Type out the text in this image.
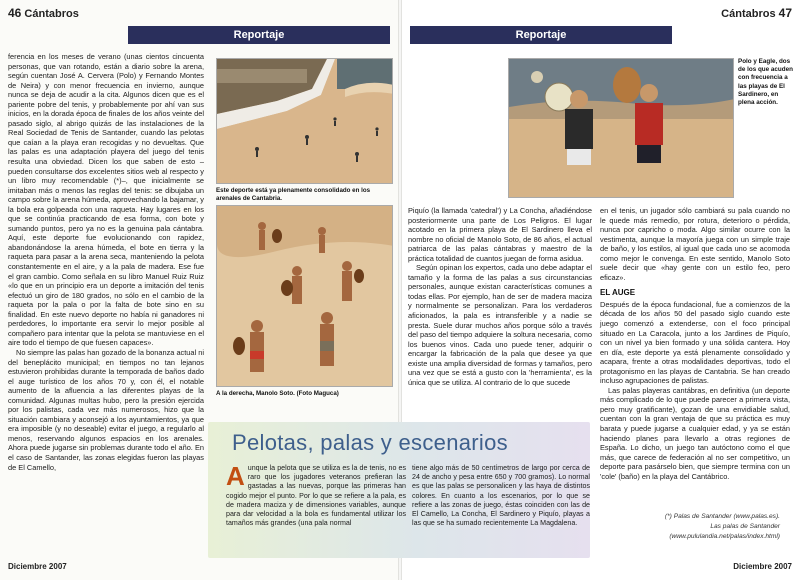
46 Cántabros
Reportaje

ferencia en los meses de verano (unas cientos cincuenta personas, que van rotando, están a diario sobre la arena, según cuentan José A. Cervera (Polo) y Fernando Montes de Neira) y con menor frecuencia en invierno, aunque nunca se deja de acudir a la cita. Algunos dicen que es el pariente pobre del tenis, y probablemente por ahí van sus inicios, en la dorada época de finales de los años veinte del pasado siglo, al abrigo quizás de las instalaciones de la Real Sociedad de Tenis de Santander, cuando las pelotas que caían a la playa eran recogidas y no devueltas. Que las palas es una adaptación playera del juego del tenis resulta una obviedad. Dicen los que saben de esto –pueden consultarse dos excelentes sitios web al respecto y un libro muy recomendable (*)–, que inicialmente se imitaban más o menos las reglas del tenis: se dibujaba un campo sobre la arena húmeda, aprovechando la bajamar, y la bola era golpeada con una raqueta. Hay lugares en los que se continúa practicando de esa forma, con bote y sumando puntos, pero ya no es la genuina pala cántabra. Aquí, este deporte fue evolucionando con rapidez, abandonándose la arena húmeda, el bote en tierra y la raqueta para pasar a la arena seca, manteniendo la pelota constantemente en el aire, y a la pala de madera. Ese fue el gran cambio. Como señala en su libro Manuel Ruiz Ruiz «lo que en un principio era un deporte a imitación del tenis efectuó un giro de 180 grados, no sólo en el cambio de la raqueta por la pala o por la falta de bote sino en su finalidad. En este nuevo deporte no había ni ganadores ni perdedores, lo importante era servir lo mejor posible al compañero para intentar que la pelota se mantuviese en el aire todo el tiempo de que fuesen capaces».

No siempre las palas han gozado de la bonanza actual ni del beneplácito municipal; en tiempos no tan lejanos estuvieron prohibidas durante la temporada de baños dado el auge turístico de los años 70 y, con él, el notable aumento de la afluencia a las diferentes playas de la comunidad. Algunas multas hubo, pero la presión ejercida por los palistas, cada vez más numerosos, hizo que la situación cambiara y aconsejó a los ayuntamientos, ya que era imposible (y no deseable) evitar el juego, a regularlo al menos, reservando algunos espacios en los arenales. Ahora puede jugarse sin problemas durante todo el año. En el caso de Santander, las zonas elegidas fueron las playas de El Camello,

Este deporte está ya plenamente consolidado en los arenales de Cantabria.
A la derecha, Manolo Soto. (Foto Maguca)
Diciembre 2007

Piquío (la llamada 'catedral') y La Concha, añadiéndose posteriormente una parte de Los Peligros. El lugar acotado en la primera playa de El Sardinero lleva el nombre no oficial de Manolo Soto, de 86 años, el actual patriarca de las palas cántabras y maestro de la práctica totalidad de cuantos juegan de forma asidua.

Según opinan los expertos, cada uno debe adaptar el tamaño y la forma de las palas a sus circunstancias personales, aunque existan características comunes a todas ellas. Por ejemplo, han de ser de madera maciza y normalmente se personalizan. Para los verdaderos aficionados, la pala es intransferible y a nadie se presta. Suele durar muchos años porque sólo a través del paso del tiempo adquiere la soltura necesaria, como los buenos vinos. Cada uno puede tener, adquirir o encargar la fabricación de la pala que desee ya que existe una amplia diversidad de formas y tamaños, pero una vez que se está a gusto con la 'herramienta', es la única que se utiliza. Al contrario de lo que sucede

Cántabros 47
Reportaje
Polo y Eagle, dos de los que acuden con frecuencia a las playas de El Sardinero, en plena acción.

en el tenis, un jugador sólo cambiará su pala cuando no le quede más remedio, por rotura, deterioro o pérdida, nunca por capricho o moda. Algo similar ocurre con la vestimenta, aunque la mayoría juega con un simple traje de baño, y los estilos, al igual que cada uno se acomoda como mejor le convenga. En este sentido, Manolo Soto suele decir que «hay gente con un estilo feo, pero eficaz».

EL AUGE

Después de la época fundacional, fue a comienzos de la década de los años 50 del pasado siglo cuando este juego comenzó a extenderse, con el foco principal situado en La Caracola, junto a los Jardines de Piquío, con un nivel ya bien formado y una sólida cantera. Hoy en día, este deporte ya está plenamente consolidado y acapara, frente a otras modalidades deportivas, todo el protagonismo en las playas de Cantabria. Se han creado incluso agrupaciones de palistas.

Las palas playeras cantábras, en definitiva (un deporte más complicado de lo que puede parecer a primera vista, pero muy gratificante), gozan de una envidiable salud, cuentan con la gran ventaja de que su práctica es muy barata y puede jugarse a cualquier edad, y ya se están haciendo planes para llevarlo a otras regiones de España. Lo dicho, un juego tan autóctono como el que más, que carece de federación al no ser competitivo, un deporte para pasárselo bien, que siempre termina con un 'cole' (baño) en la playa del Cantábrico.

Pelotas, palas y escenarios
A unque la pelota que se utiliza es la de tenis, no es raro que los jugadores veteranos prefieran las gastadas a las nuevas, porque las primeras han cogido mejor el punto. Por lo que se refiere a la pala, es de madera maciza y de dimensiones variables, aunque para dar velocidad a la bola es fundamental utilizar los tamaños más grandes (una pala normal
tiene algo más de 50 centímetros de largo por cerca de 24 de ancho y pesa entre 650 y 700 gramos). Lo normal es que las palas se personalicen y las haya de distintos colores. En cuanto a los escenarios, por lo que se refiere a las zonas de juego, éstas coinciden con las de El Camello, La Concha, El Sardinero y Piquío, playas a las que se ha sumado recientemente La Magdalena.
(*) Palas de Santander (www.palas.es).
Las palas de Santander
(www.pululandia.net/palas/index.html)
Diciembre 2007
